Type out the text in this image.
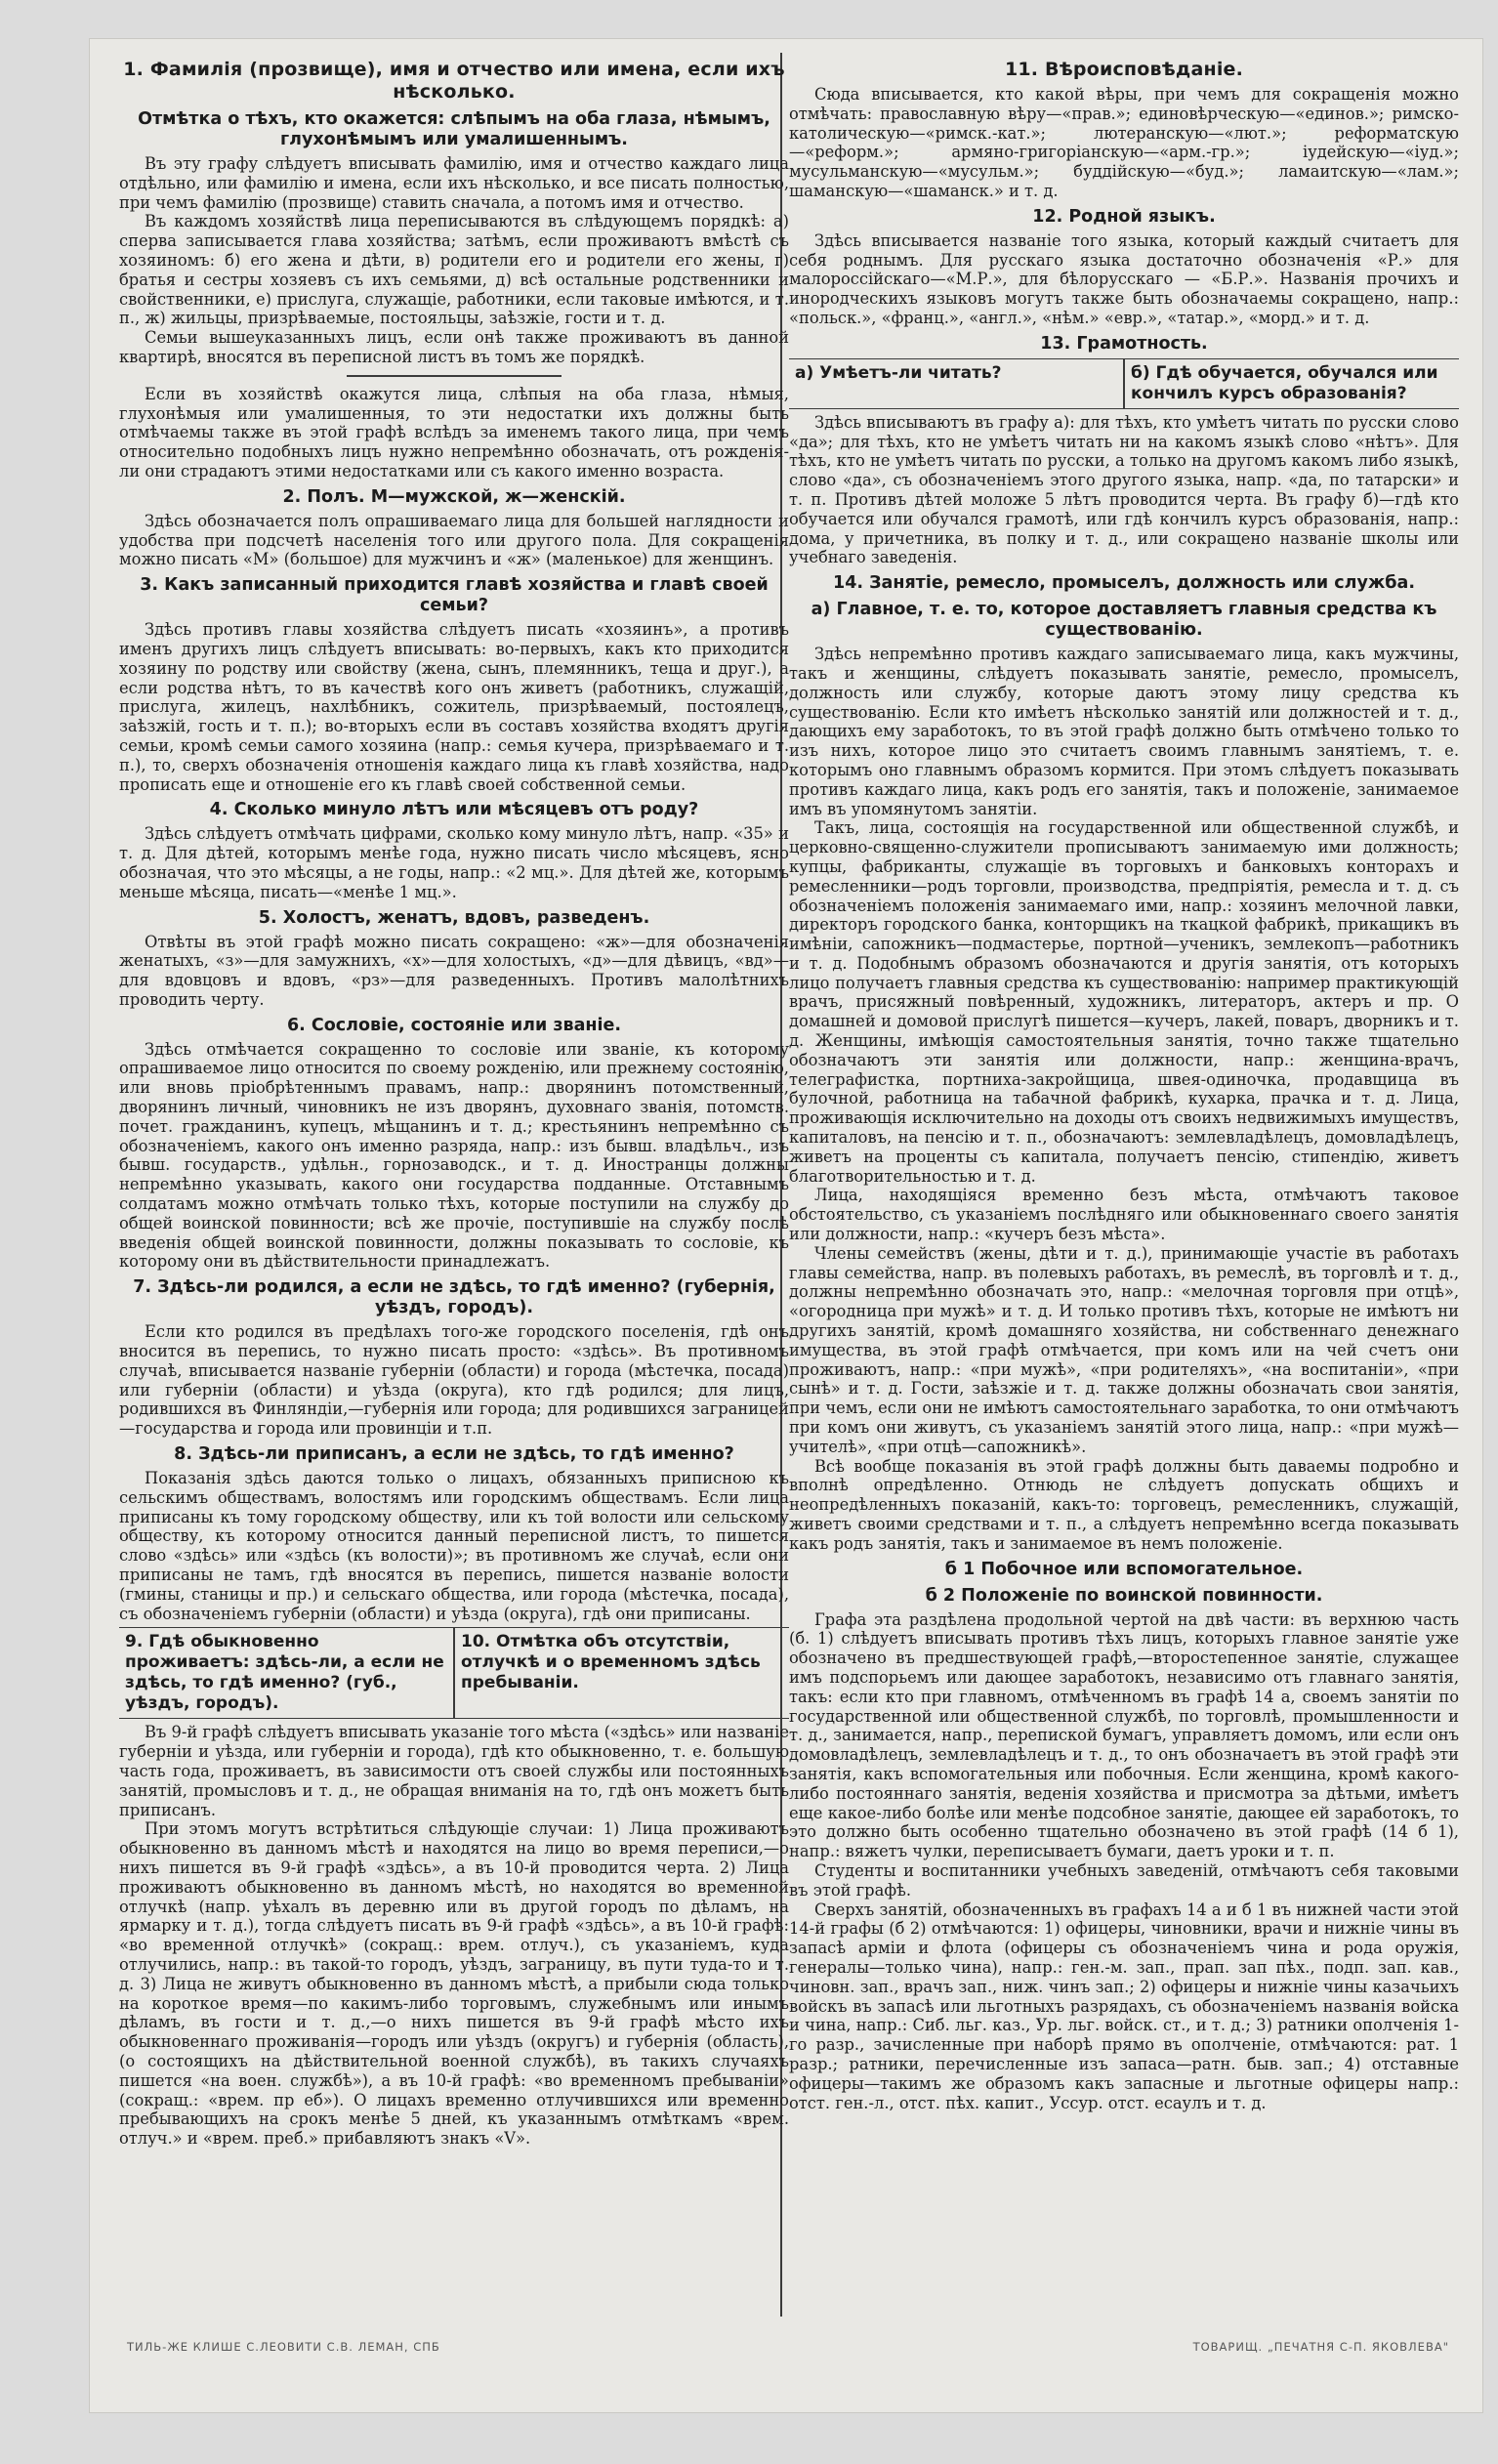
1. Фамилія (прозвище), имя и отчество или имена, если ихъ нѣсколько.
Отмѣтка о тѣхъ, кто окажется: слѣпымъ на оба глаза, нѣмымъ, глухонѣмымъ или умалишеннымъ.

Въ эту графу слѣдуетъ вписывать фамилію, имя и отчество каждаго лица отдѣльно, или фамилію и имена, если ихъ нѣсколько, и все писать полностью, при чемъ фамилію (прозвище) ставить сначала, а потомъ имя и отчество.

Въ каждомъ хозяйствѣ лица переписываются въ слѣдующемъ порядкѣ: а) сперва записывается глава хозяйства; затѣмъ, если проживаютъ вмѣстѣ съ хозяиномъ: б) его жена и дѣти, в) родители его и родители его жены, г) братья и сестры хозяевъ съ ихъ семьями, д) всѣ остальные родственники и свойственники, е) прислуга, служащіе, работники, если таковые имѣются, и т. п., ж) жильцы, призрѣваемые, постояльцы, заѣзжіе, гости и т. д.

Семьи вышеуказанныхъ лицъ, если онѣ также проживаютъ въ данной квартирѣ, вносятся въ переписной листъ въ томъ же порядкѣ.

Если въ хозяйствѣ окажутся лица, слѣпыя на оба глаза, нѣмыя, глухонѣмыя или умалишенныя, то эти недостатки ихъ должны быть отмѣчаемы также въ этой графѣ вслѣдъ за именемъ такого лица, при чемъ относительно подобныхъ лицъ нужно непремѣнно обозначать, отъ рожденія-ли они страдаютъ этими недостатками или съ какого именно возраста.

2. Полъ. М—мужской, ж—женскій.

Здѣсь обозначается полъ опрашиваемаго лица для большей наглядности и удобства при подсчетѣ населенія того или другого пола. Для сокращенія можно писать «М» (большое) для мужчинъ и «ж» (маленькое) для женщинъ.

3. Какъ записанный приходится главѣ хозяйства и главѣ своей семьи?

Здѣсь противъ главы хозяйства слѣдуетъ писать «хозяинъ», а противъ именъ другихъ лицъ слѣдуетъ вписывать: во-первыхъ, какъ кто приходится хозяину по родству или свойству (жена, сынъ, племянникъ, теща и друг.), а если родства нѣтъ, то въ качествѣ кого онъ живетъ (работникъ, служащій, прислуга, жилецъ, нахлѣбникъ, сожитель, призрѣваемый, постоялецъ, заѣзжій, гость и т. п.); во-вторыхъ если въ составъ хозяйства входятъ другія семьи, кромѣ семьи самого хозяина (напр.: семья кучера, призрѣваемаго и т. п.), то, сверхъ обозначенія отношенія каждаго лица къ главѣ хозяйства, надо прописать еще и отношеніе его къ главѣ своей собственной семьи.

4. Сколько минуло лѣтъ или мѣсяцевъ отъ роду?

Здѣсь слѣдуетъ отмѣчать цифрами, сколько кому минуло лѣтъ, напр. «35» и т. д. Для дѣтей, которымъ менѣе года, нужно писать число мѣсяцевъ, ясно обозначая, что это мѣсяцы, а не годы, напр.: «2 мц.». Для дѣтей же, которымъ меньше мѣсяца, писать—«менѣе 1 мц.».

5. Холостъ, женатъ, вдовъ, разведенъ.

Отвѣты въ этой графѣ можно писать сокращено: «ж»—для обозначенія женатыхъ, «з»—для замужнихъ, «х»—для холостыхъ, «д»—для дѣвицъ, «вд»—для вдовцовъ и вдовъ, «рз»—для разведенныхъ. Противъ малолѣтнихъ проводить черту.

6. Сословіе, состояніе или званіе.

Здѣсь отмѣчается сокращенно то сословіе или званіе, къ которому опрашиваемое лицо относится по своему рожденію, или прежнему состоянію, или вновь пріобрѣтеннымъ правамъ, напр.: дворянинъ потомственный, дворянинъ личный, чиновникъ не изъ дворянъ, духовнаго званія, потомств. почет. гражданинъ, купецъ, мѣщанинъ и т. д.; крестьянинъ непремѣнно съ обозначеніемъ, какого онъ именно разряда, напр.: изъ бывш. владѣльч., изъ бывш. государств., удѣльн., горнозаводск., и т. д. Иностранцы должны непремѣнно указывать, какого они государства подданные. Отставнымъ солдатамъ можно отмѣчать только тѣхъ, которые поступили на службу до общей воинской повинности; всѣ же прочіе, поступившіе на службу послѣ введенія общей воинской повинности, должны показывать то сословіе, къ которому они въ дѣйствительности принадлежатъ.

7. Здѣсь-ли родился, а если не здѣсь, то гдѣ именно? (губернія, уѣздъ, городъ).

Если кто родился въ предѣлахъ того-же городского поселенія, гдѣ онъ вносится въ перепись, то нужно писать просто: «здѣсь». Въ противномъ случаѣ, вписывается названіе губерніи (области) и города (мѣстечка, посада) или губерніи (области) и уѣзда (округа), кто гдѣ родился; для лицъ, родившихся въ Финляндіи,—губернія или города; для родившихся заграницей—государства и города или провинціи и т.п.

8. Здѣсь-ли приписанъ, а если не здѣсь, то гдѣ именно?

Показанія здѣсь даются только о лицахъ, обязанныхъ приписною къ сельскимъ обществамъ, волостямъ или городскимъ обществамъ. Если лица приписаны къ тому городскому обществу, или къ той волости или сельскому обществу, къ которому относится данный переписной листъ, то пишется слово «здѣсь» или «здѣсь (къ волости)»; въ противномъ же случаѣ, если они приписаны не тамъ, гдѣ вносятся въ перепись, пишется названіе волости (гмины, станицы и пр.) и сельскаго общества, или города (мѣстечка, посада), съ обозначеніемъ губерніи (области) и уѣзда (округа), гдѣ они приписаны.

9. Гдѣ обыкновенно проживаетъ: здѣсь-ли, а если не здѣсь, то гдѣ именно? (губ., уѣздъ, городъ).
10. Отмѣтка объ отсутствіи, отлучкѣ и о временномъ здѣсь пребываніи.

Въ 9-й графѣ слѣдуетъ вписывать указаніе того мѣста («здѣсь» или названіе губерніи и уѣзда, или губерніи и города), гдѣ кто обыкновенно, т. е. большую часть года, проживаетъ, въ зависимости отъ своей службы или постоянныхъ занятій, промысловъ и т. д., не обращая вниманія на то, гдѣ онъ можетъ быть приписанъ.

При этомъ могутъ встрѣтиться слѣдующіе случаи: 1) Лица проживаютъ обыкновенно въ данномъ мѣстѣ и находятся на лицо во время переписи,—о нихъ пишется въ 9-й графѣ «здѣсь», а въ 10-й проводится черта. 2) Лица проживаютъ обыкновенно въ данномъ мѣстѣ, но находятся во временной отлучкѣ (напр. уѣхалъ въ деревню или въ другой городъ по дѣламъ, на ярмарку и т. д.), тогда слѣдуетъ писать въ 9-й графѣ «здѣсь», а въ 10-й графѣ: «во временной отлучкѣ» (сокращ.: врем. отлуч.), съ указаніемъ, куда отлучились, напр.: въ такой-то городъ, уѣздъ, заграницу, въ пути туда-то и т. д. 3) Лица не живутъ обыкновенно въ данномъ мѣстѣ, а прибыли сюда только на короткое время—по какимъ-либо торговымъ, служебнымъ или инымъ дѣламъ, въ гости и т. д.,—о нихъ пишется въ 9-й графѣ мѣсто ихъ обыкновеннаго проживанія—городъ или уѣздъ (округъ) и губернія (область), (о состоящихъ на дѣйствительной военной службѣ), въ такихъ случаяхъ пишется «на воен. службѣ»), а въ 10-й графѣ: «во временномъ пребываніи» (сокращ.: «врем. пр еб»). О лицахъ временно отлучившихся или временно пребывающихъ на срокъ менѣе 5 дней, къ указаннымъ отмѣткамъ «врем. отлуч.» и «врем. преб.» прибавляютъ знакъ «V».

11. Вѣроисповѣданіе.

Сюда вписывается, кто какой вѣры, при чемъ для сокращенія можно отмѣчать: православную вѣру—«прав.»; единовѣрческую—«единов.»; римско-католическую—«римск.-кат.»; лютеранскую—«лют.»; реформатскую—«реформ.»; армяно-григоріанскую—«арм.-гр.»; іудейскую—«іуд.»; мусульманскую—«мусульм.»; буддійскую—«буд.»; ламаитскую—«лам.»; шаманскую—«шаманск.» и т. д.

12. Родной языкъ.

Здѣсь вписывается названіе того языка, который каждый считаетъ для себя роднымъ. Для русскаго языка достаточно обозначенія «Р.» для малороссійскаго—«М.Р.», для бѣлорусскаго — «Б.Р.». Названія прочихъ и инородческихъ языковъ могутъ также быть обозначаемы сокращено, напр.: «польск.», «франц.», «англ.», «нѣм.» «евр.», «татар.», «морд.» и т. д.

13. Грамотность.
а) Умѣетъ-ли читать?	б) Гдѣ обучается, обучался или кончилъ курсъ образованія?

Здѣсь вписываютъ въ графу а): для тѣхъ, кто умѣетъ читать по русски слово «да»; для тѣхъ, кто не умѣетъ читать ни на какомъ языкѣ слово «нѣтъ». Для тѣхъ, кто не умѣетъ читать по русски, а только на другомъ какомъ либо языкѣ, слово «да», съ обозначеніемъ этого другого языка, напр. «да, по татарски» и т. п. Противъ дѣтей моложе 5 лѣтъ проводится черта. Въ графу б)—гдѣ кто обучается или обучался грамотѣ, или гдѣ кончилъ курсъ образованія, напр.: дома, у причетника, въ полку и т. д., или сокращено названіе школы или учебнаго заведенія.

14. Занятіе, ремесло, промыселъ, должность или служба.
а) Главное, т. е. то, которое доставляетъ главныя средства къ существованію.

Здѣсь непремѣнно противъ каждаго записываемаго лица, какъ мужчины, такъ и женщины, слѣдуетъ показывать занятіе, ремесло, промыселъ, должность или службу, которые даютъ этому лицу средства къ существованію. Если кто имѣетъ нѣсколько занятій или должностей и т. д., дающихъ ему заработокъ, то въ этой графѣ должно быть отмѣчено только то изъ нихъ, которое лицо это считаетъ своимъ главнымъ занятіемъ, т. е. которымъ оно главнымъ образомъ кормится. При этомъ слѣдуетъ показывать противъ каждаго лица, какъ родъ его занятія, такъ и положеніе, занимаемое имъ въ упомянутомъ занятіи.

Такъ, лица, состоящія на государственной или общественной службѣ, и церковно-священно-служители прописываютъ занимаемую ими должность; купцы, фабриканты, служащіе въ торговыхъ и банковыхъ конторахъ и ремесленники—родъ торговли, производства, предпріятія, ремесла и т. д. съ обозначеніемъ положенія занимаемаго ими, напр.: хозяинъ мелочной лавки, директоръ городского банка, конторщикъ на ткацкой фабрикѣ, прикащикъ въ имѣніи, сапожникъ—подмастерье, портной—ученикъ, землекопъ—работникъ и т. д. Подобнымъ образомъ обозначаются и другія занятія, отъ которыхъ лицо получаетъ главныя средства къ существованію: например практикующій врачъ, присяжный повѣренный, художникъ, литераторъ, актеръ и пр. О домашней и домовой прислугѣ пишется—кучеръ, лакей, поваръ, дворникъ и т. д. Женщины, имѣющія самостоятельныя занятія, точно также тщательно обозначаютъ эти занятія или должности, напр.: женщина-врачъ, телеграфистка, портниха-закройщица, швея-одиночка, продавщица въ булочной, работница на табачной фабрикѣ, кухарка, прачка и т. д. Лица, проживающія исключительно на доходы отъ своихъ недвижимыхъ имуществъ, капиталовъ, на пенсію и т. п., обозначаютъ: землевладѣлецъ, домовладѣлецъ, живетъ на проценты съ капитала, получаетъ пенсію, стипендію, живетъ благотворительностью и т. д.

Лица, находящіяся временно безъ мѣста, отмѣчаютъ таковое обстоятельство, съ указаніемъ послѣдняго или обыкновеннаго своего занятія или должности, напр.: «кучеръ безъ мѣста».

Члены семействъ (жены, дѣти и т. д.), принимающіе участіе въ работахъ главы семейства, напр. въ полевыхъ работахъ, въ ремеслѣ, въ торговлѣ и т. д., должны непремѣнно обозначать это, напр.: «мелочная торговля при отцѣ», «огородница при мужѣ» и т. д. И только противъ тѣхъ, которые не имѣютъ ни другихъ занятій, кромѣ домашняго хозяйства, ни собственнаго денежнаго имущества, въ этой графѣ отмѣчается, при комъ или на чей счетъ они проживаютъ, напр.: «при мужѣ», «при родителяхъ», «на воспитаніи», «при сынѣ» и т. д. Гости, заѣзжіе и т. д. также должны обозначать свои занятія, при чемъ, если они не имѣютъ самостоятельнаго заработка, то они отмѣчаютъ при комъ они живутъ, съ указаніемъ занятій этого лица, напр.: «при мужѣ—учителѣ», «при отцѣ—сапожникѣ».

Всѣ вообще показанія въ этой графѣ должны быть даваемы подробно и вполнѣ опредѣленно. Отнюдь не слѣдуетъ допускать общихъ и неопредѣленныхъ показаній, какъ-то: торговецъ, ремесленникъ, служащій, живетъ своими средствами и т. п., а слѣдуетъ непремѣнно всегда показывать какъ родъ занятія, такъ и занимаемое въ немъ положеніе.

б 1 Побочное или вспомогательное.
б 2 Положеніе по воинской повинности.

Графа эта раздѣлена продольной чертой на двѣ части: въ верхнюю часть (б. 1) слѣдуетъ вписывать противъ тѣхъ лицъ, которыхъ главное занятіе уже обозначено въ предшествующей графѣ,—второстепенное занятіе, служащее имъ подспорьемъ или дающее заработокъ, независимо отъ главнаго занятія, такъ: если кто при главномъ, отмѣченномъ въ графѣ 14 а, своемъ занятіи по государственной или общественной службѣ, по торговлѣ, промышленности и т. д., занимается, напр., перепиской бумагъ, управляетъ домомъ, или если онъ домовладѣлецъ, землевладѣлецъ и т. д., то онъ обозначаетъ въ этой графѣ эти занятія, какъ вспомогательныя или побочныя. Если женщина, кромѣ какого-либо постояннаго занятія, веденія хозяйства и присмотра за дѣтьми, имѣетъ еще какое-либо болѣе или менѣе подсобное занятіе, дающее ей заработокъ, то это должно быть особенно тщательно обозначено въ этой графѣ (14 б 1), напр.: вяжетъ чулки, переписываетъ бумаги, даетъ уроки и т. п.

Студенты и воспитанники учебныхъ заведеній, отмѣчаютъ себя таковыми въ этой графѣ.

Сверхъ занятій, обозначенныхъ въ графахъ 14 а и б 1 въ нижней части этой 14-й графы (б 2) отмѣчаются: 1) офицеры, чиновники, врачи и нижніе чины въ запасѣ арміи и флота (офицеры съ обозначеніемъ чина и рода оружія, генералы—только чина), напр.: ген.-м. зап., прап. зап пѣх., подп. зап. кав., чиновн. зап., врачъ зап., ниж. чинъ зап.; 2) офицеры и нижніе чины казачьихъ войскъ въ запасѣ или льготныхъ разрядахъ, съ обозначеніемъ названія войска и чина, напр.: Сиб. льг. каз., Ур. льг. войск. ст., и т. д.; 3) ратники ополченія 1-го разр., зачисленные при наборѣ прямо въ ополченіе, отмѣчаются: рат. 1 разр.; ратники, перечисленные изъ запаса—ратн. быв. зап.; 4) отставные офицеры—такимъ же образомъ какъ запасные и льготные офицеры напр.: отст. ген.-л., отст. пѣх. капит., Уссур. отст. есаулъ и т. д.

ТИЛЬ-ЖЕ КЛИШЕ С.ЛЕОВИТИ С.В. ЛЕМАН, СПБ	ТОВАРИЩ. „ПЕЧАТНЯ С-П. ЯКОВЛЕВА"
